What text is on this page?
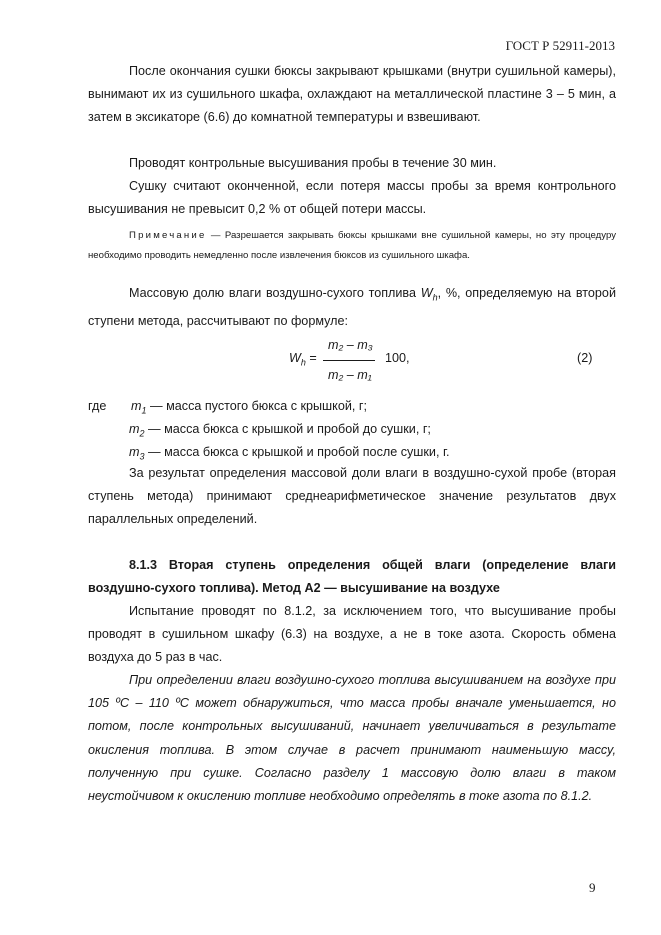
ГОСТ Р 52911-2013

После окончания сушки бюксы закрывают крышками (внутри сушильной камеры), вынимают их из сушильного шкафа, охлаждают на металлической пластине 3 – 5 мин, а затем в эксикаторе (6.6) до комнатной температуры и взвешивают.

Проводят контрольные высушивания пробы в течение 30 мин.

Сушку считают оконченной, если потеря массы пробы за время контрольного высушивания не превысит 0,2 % от общей потери массы.

Примечание — Разрешается закрывать бюксы крышками вне сушильной камеры, но эту процедуру необходимо проводить немедленно после извлечения бюксов из сушильного шкафа.

Массовую долю влаги воздушно-сухого топлива $W_h$, %, определяемую на второй ступени метода, рассчитывают по формуле:

$W_h$ =
m₂ – m₃
m₂ – m₁
100,	(2)
где $m_1$ — масса пустого бюкса с крышкой, г;
$m_2$ — масса бюкса с крышкой и пробой до сушки, г;
$m_3$ — масса бюкса с крышкой и пробой после сушки, г.

За результат определения массовой доли влаги в воздушно-сухой пробе (вторая ступень метода) принимают среднеарифметическое значение результатов двух параллельных определений.

8.1.3 Вторая ступень определения общей влаги (определение влаги воздушно-сухого топлива). Метод А2 — высушивание на воздухе

Испытание проводят по 8.1.2, за исключением того, что высушивание пробы проводят в сушильном шкафу (6.3) на воздухе, а не в токе азота. Скорость обмена воздуха до 5 раз в час.

При определении влаги воздушно-сухого топлива высушиванием на воздухе при 105 ºС – 110 ºС может обнаружиться, что масса пробы вначале уменьшается, но потом, после контрольных высушиваний, начинает увеличиваться в результате окисления топлива. В этом случае в расчет принимают наименьшую массу, полученную при сушке. Согласно разделу 1 массовую долю влаги в таком неустойчивом к окислению топливе необходимо определять в токе азота по 8.1.2.

9
